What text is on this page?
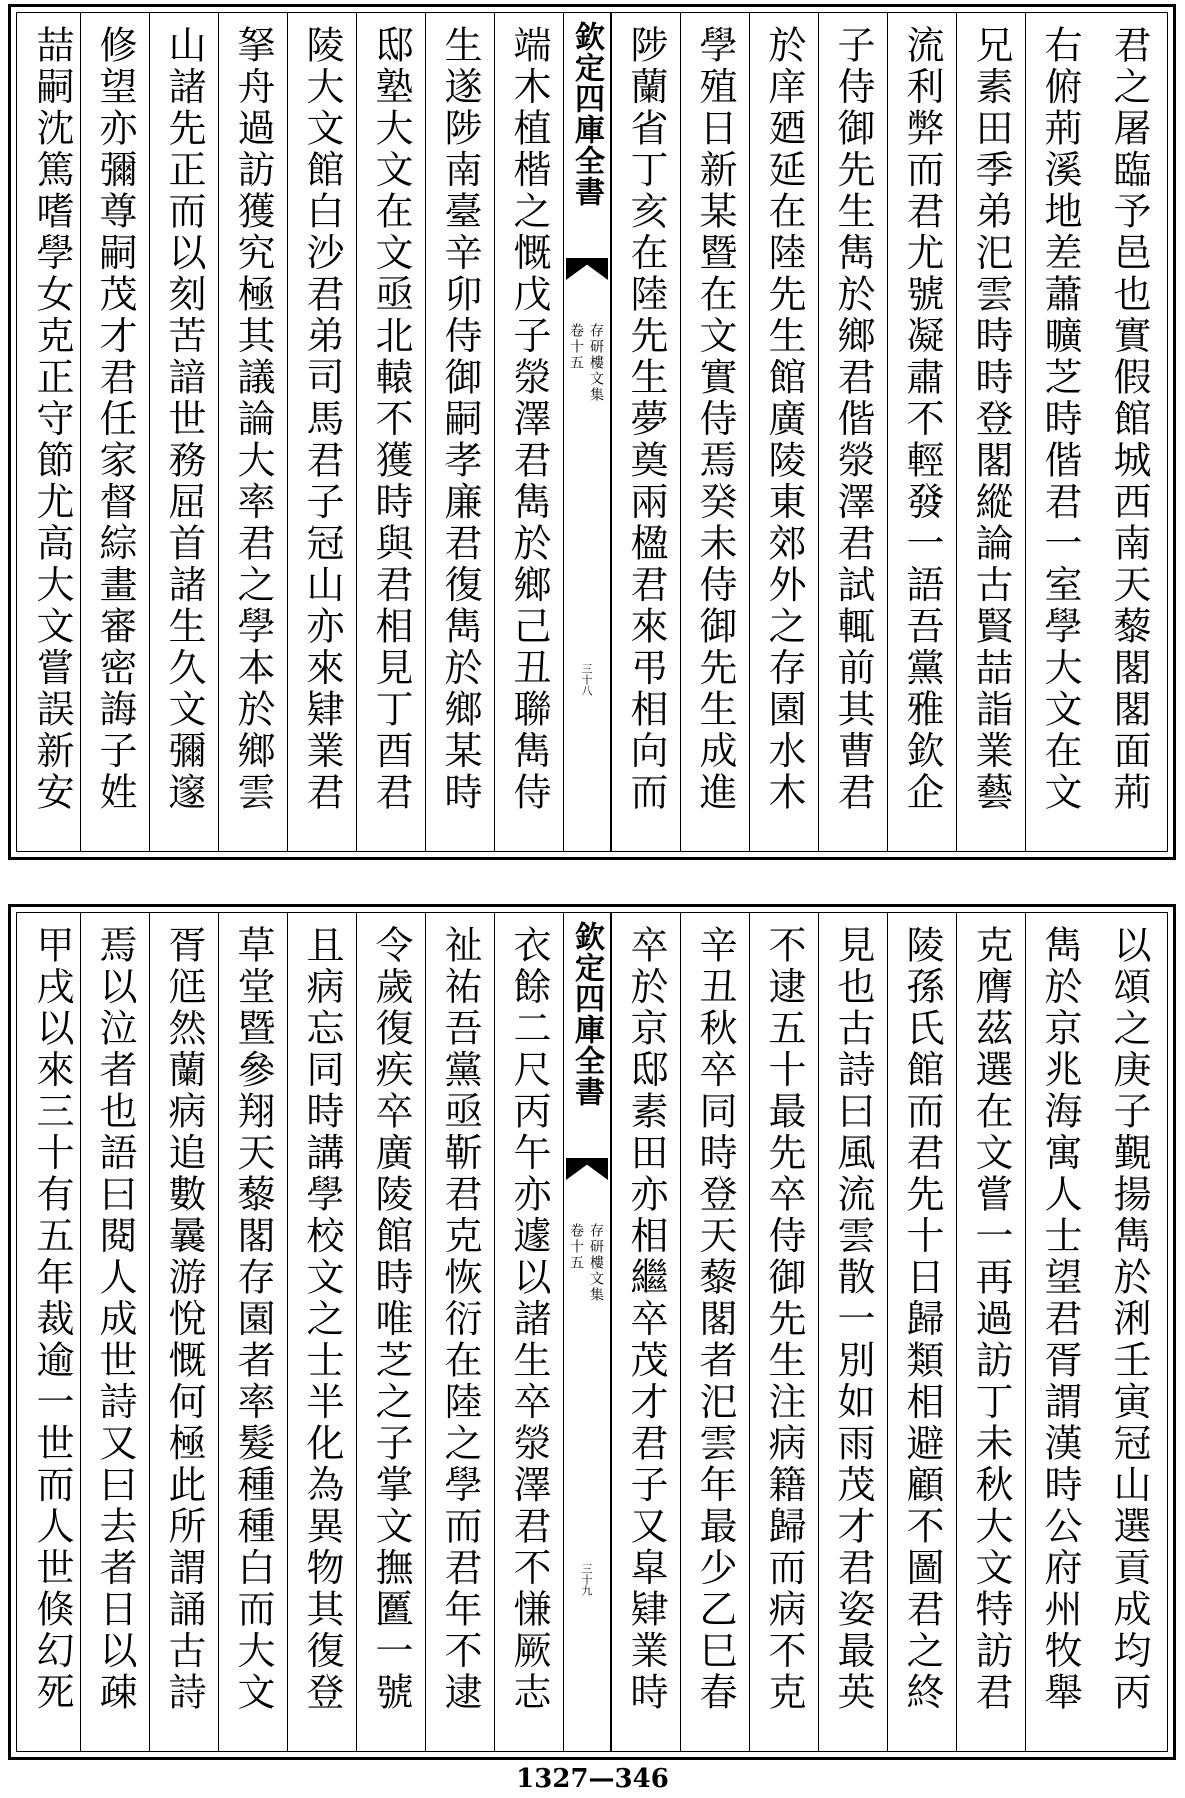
君之屠臨予邑也實假館城西南天藜閣閣面荊
右俯荊溪地差蕭曠芝時偕君一室學大文在文
兄素田季弟汜雲時時登閣縱論古賢喆詣業藝
流利弊而君尤號凝肅不輕發一語吾黨雅欽企
子侍御先生雋於鄉君偕滎澤君試輒前其曹君
於庠廼延在陸先生館廣陵東郊外之存園水木
學殖日新某暨在文實侍焉癸未侍御先生成進
陟蘭省丁亥在陸先生夢奠兩楹君來弔相向而
欽定四庫全書
存研樓文集
卷十五
三十八
端木植楷之慨戊子滎澤君雋於鄉己丑聯雋侍
生遂陟南臺辛卯侍御嗣孝廉君復雋於鄉某時
邸塾大文在文亟北轅不獲時與君相見丁酉君
陵大文館白沙君弟司馬君子冠山亦來肄業君
拏舟過訪獲究極其議論大率君之學本於鄉雲
山諸先正而以刻苦諳世務屈首諸生久文彌邃
修望亦彌尊嗣茂才君任家督綜畫審密誨子姓
喆嗣沈篤嗜學女克正守節尤高大文嘗誤新安
以頌之庚子覲揚雋於浰壬寅冠山選貢成均丙
雋於京兆海寓人士望君胥謂漢時公府州牧舉
克膺茲選在文嘗一再過訪丁未秋大文特訪君
陵孫氏館而君先十日歸類相避顧不圖君之終
見也古詩曰風流雲散一別如雨茂才君姿最英
不逮五十最先卒侍御先生注病籍歸而病不克
辛丑秋卒同時登天藜閣者汜雲年最少乙巳春
卒於京邸素田亦相繼卒茂才君子又皐肄業時
欽定四庫全書
存研樓文集
卷十五
三十九
衣餘二尺丙午亦遽以諸生卒滎澤君不慊厥志
祉祐吾黨亟靳君克恢衍在陸之學而君年不逮
令歲復疾卒廣陵館時唯芝之子掌文撫匶一號
且病忘同時講學校文之士半化為異物其復登
草堂暨參翔天藜閣存園者率髮種種白而大文
胥尩然蘭病追數曩游悅慨何極此所謂誦古詩
焉以泣者也語曰閱人成世詩又曰去者日以疎
甲戌以來三十有五年裁逾一世而人世倏幻死
1327—346
